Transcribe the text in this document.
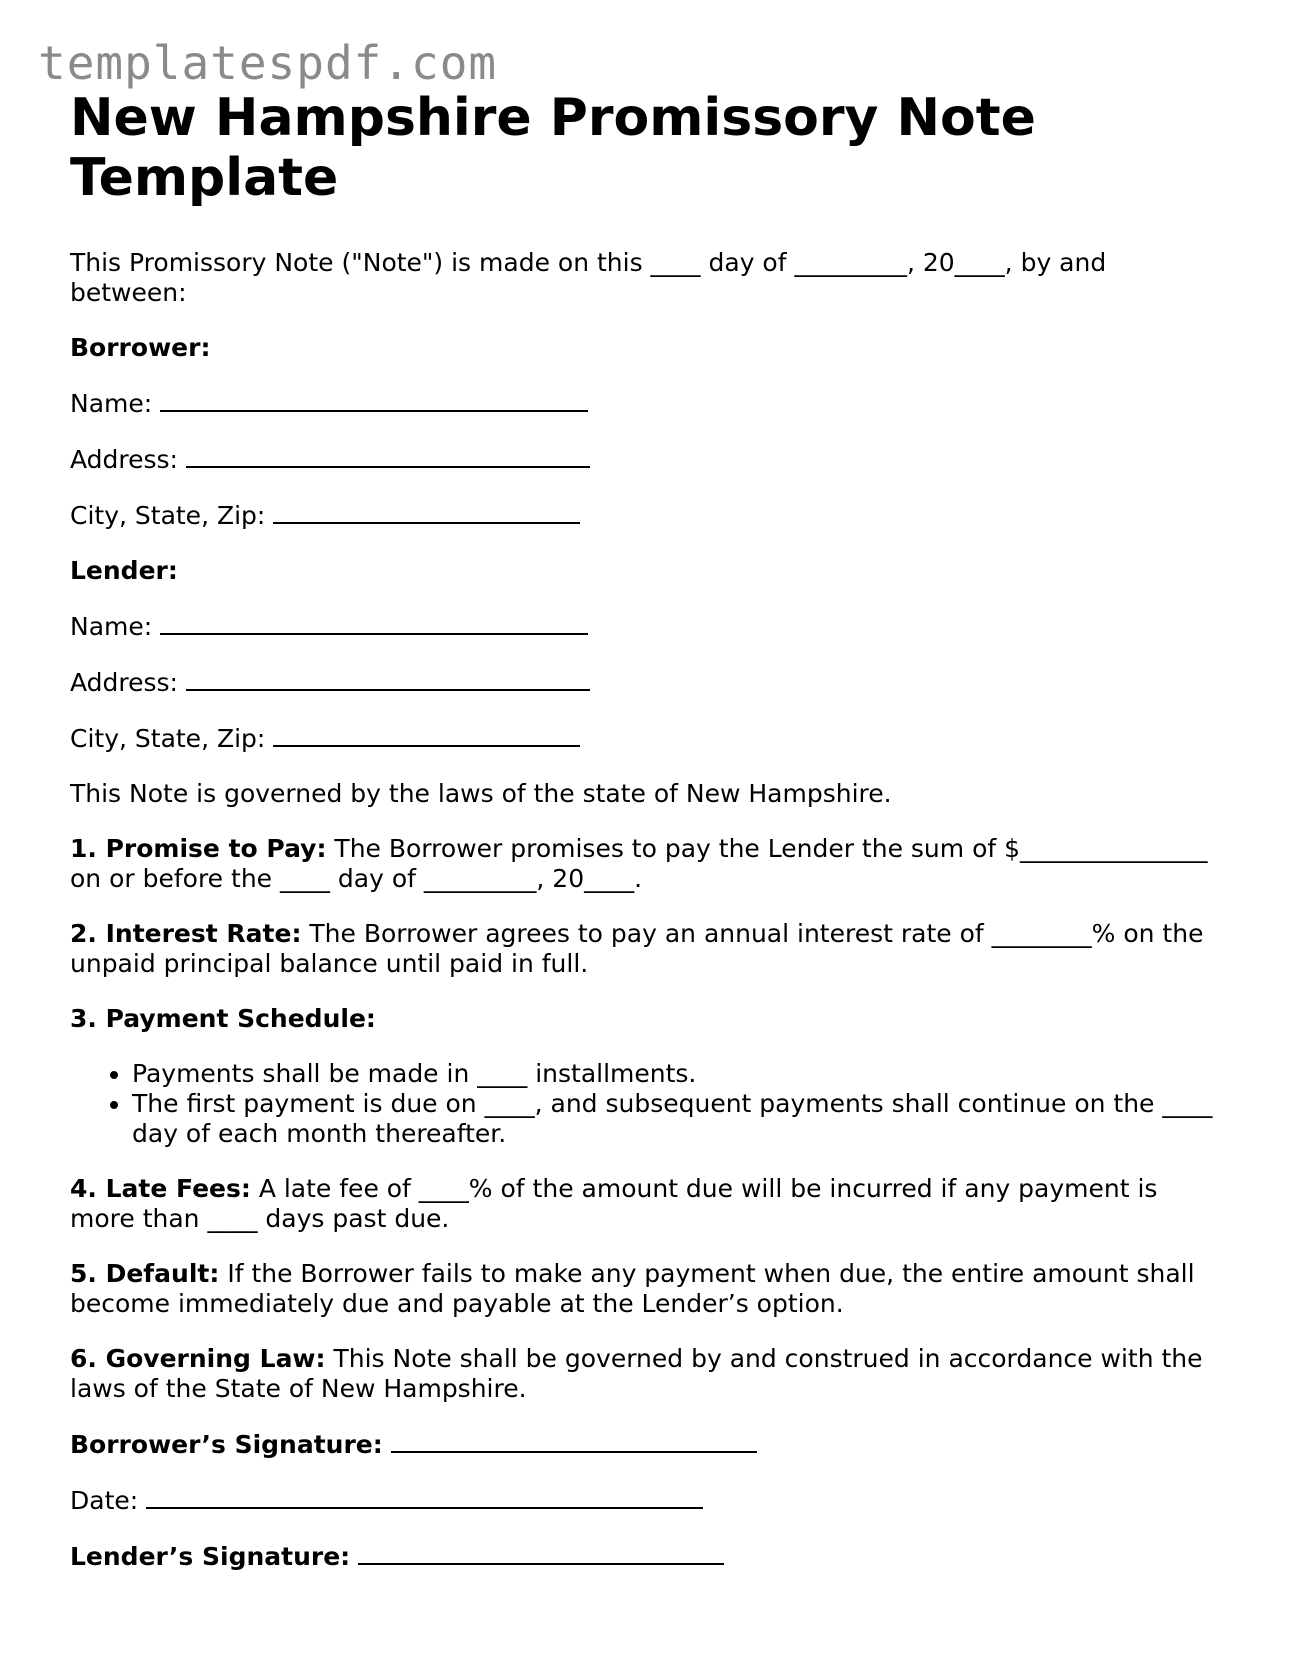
templatespdf.com
New Hampshire Promissory Note Template

This Promissory Note ("Note") is made on this ____ day of _________, 20____, by and between:

Borrower:

Name:
Address:
City, State, Zip:

Lender:

Name:
Address:
City, State, Zip:

This Note is governed by the laws of the state of New Hampshire.

1. Promise to Pay: The Borrower promises to pay the Lender the sum of $_______________ on or before the ____ day of _________, 20____.

2. Interest Rate: The Borrower agrees to pay an annual interest rate of ________% on the unpaid principal balance until paid in full.

3. Payment Schedule:

• Payments shall be made in ____ installments.
• The first payment is due on ____, and subsequent payments shall continue on the ____ day of each month thereafter.

4. Late Fees: A late fee of ____% of the amount due will be incurred if any payment is more than ____ days past due.

5. Default: If the Borrower fails to make any payment when due, the entire amount shall become immediately due and payable at the Lender’s option.

6. Governing Law: This Note shall be governed by and construed in accordance with the laws of the State of New Hampshire.

Borrower’s Signature:
Date:
Lender’s Signature:
